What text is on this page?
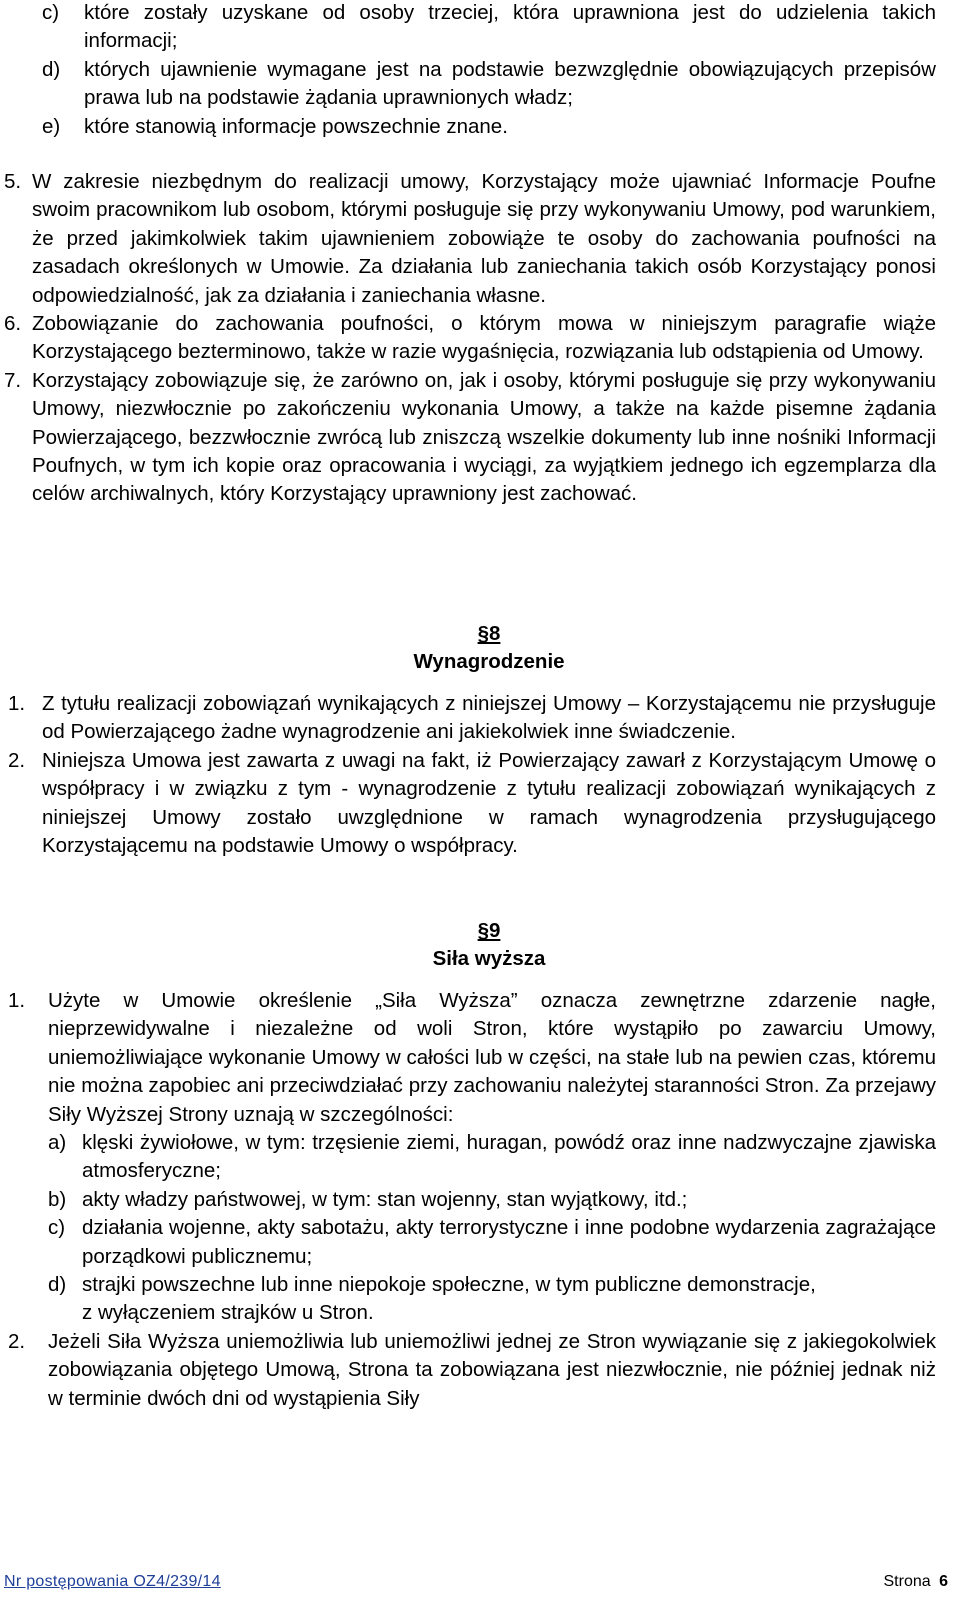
c) które zostały uzyskane od osoby trzeciej, która uprawniona jest do udzielenia takich informacji;
d) których ujawnienie wymagane jest na podstawie bezwzględnie obowiązujących przepisów prawa lub na podstawie żądania uprawnionych władz;
e) które stanowią informacje powszechnie znane.
5. W zakresie niezbędnym do realizacji umowy, Korzystający może ujawniać Informacje Poufne swoim pracownikom lub osobom, którymi posługuje się przy wykonywaniu Umowy, pod warunkiem, że przed jakimkolwiek takim ujawnieniem zobowiąże te osoby do zachowania poufności na zasadach określonych w Umowie. Za działania lub zaniechania takich osób Korzystający ponosi odpowiedzialność, jak za działania i zaniechania własne.
6. Zobowiązanie do zachowania poufności, o którym mowa w niniejszym paragrafie wiąże Korzystającego bezterminowo, także w razie wygaśnięcia, rozwiązania lub odstąpienia od Umowy.
7. Korzystający zobowiązuje się, że zarówno on, jak i osoby, którymi posługuje się przy wykonywaniu Umowy, niezwłocznie po zakończeniu wykonania Umowy, a także na każde pisemne żądania Powierzającego, bezzwłocznie zwrócą lub zniszczą wszelkie dokumenty lub inne nośniki Informacji Poufnych, w tym ich kopie oraz opracowania i wyciągi, za wyjątkiem jednego ich egzemplarza dla celów archiwalnych, który Korzystający uprawniony jest zachować.
§8
Wynagrodzenie
1. Z tytułu realizacji zobowiązań wynikających z niniejszej Umowy – Korzystającemu nie przysługuje od Powierzającego żadne wynagrodzenie ani jakiekolwiek inne świadczenie.
2. Niniejsza Umowa jest zawarta z uwagi na fakt, iż Powierzający zawarł z Korzystającym Umowę o współpracy i w związku z tym - wynagrodzenie z tytułu realizacji zobowiązań wynikających z niniejszej Umowy zostało uwzględnione w ramach wynagrodzenia przysługującego Korzystającemu na podstawie Umowy o współpracy.
§9
Siła wyższa
1. Użyte w Umowie określenie „Siła Wyższa” oznacza zewnętrzne zdarzenie nagłe, nieprzewidywalne i niezależne od woli Stron, które wystąpiło po zawarciu Umowy, uniemożliwiające wykonanie Umowy w całości lub w części, na stałe lub na pewien czas, któremu nie można zapobiec ani przeciwdziałać przy zachowaniu należytej staranności Stron. Za przejawy Siły Wyższej Strony uznają w szczególności:
a) klęski żywiołowe, w tym: trzęsienie ziemi, huragan, powódź oraz inne nadzwyczajne zjawiska atmosferyczne;
b) akty władzy państwowej, w tym: stan wojenny, stan wyjątkowy, itd.;
c) działania wojenne, akty sabotażu, akty terrorystyczne i inne podobne wydarzenia zagrażające porządkowi publicznemu;
d) strajki powszechne lub inne niepokoje społeczne, w tym publiczne demonstracje,
z wyłączeniem strajków u Stron.
2. Jeżeli Siła Wyższa uniemożliwia lub uniemożliwi jednej ze Stron wywiązanie się z jakiegokolwiek zobowiązania objętego Umową, Strona ta zobowiązana jest niezwłocznie, nie później jednak niż w terminie dwóch dni od wystąpienia Siły
Nr postępowania OZ4/239/14	Strona 6
